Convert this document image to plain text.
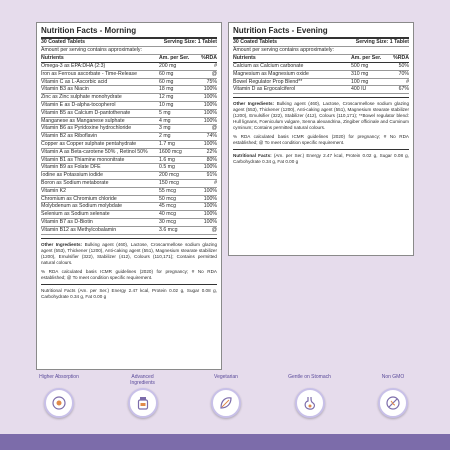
Nutrition Facts - Morning
30 Coated Tablets	Serving Size: 1 Tablet
Amount per serving contains approximately:
Nutrients	Am. per Ser.	%RDA
Omega-3 as EPA:DHA (2:3)	200 mg	#
Iron as Ferrous ascorbate - Time-Release	60 mg	@
Vitamin C as L-Ascorbic acid	60 mg	75%
Vitamin B3 as Niacin	18 mg	100%
Zinc as Zinc sulphate monohydrate	12 mg	100%
Vitamin E as D-alpha-tocopherol	10 mg	100%
Vitamin B5 as Calcium D-pantothenate	5 mg	100%
Manganese as Manganese sulphate	4 mg	100%
Vitamin B6 as Pyridoxine hydrochloride	3 mg	@
Vitamin B2 as Riboflavin	2 mg	74%
Copper as Copper sulphate pentahydrate	1.7 mg	100%
Vitamin A as Beta-carotene 50% , Retinol 50%	1600 mcg	22%
Vitamin B1 as Thiamine mononitrate	1.6 mg	80%
Vitamin B9 as Folate DFE	0.5 mg	100%
Iodine as Potassium iodide	200 mcg	91%
Boron as Sodium metaborate	150 mcg	#
Vitamin K2	55 mcg	100%
Chromium as Chromium chloride	50 mcg	100%
Molybdenum as Sodium molybdate	45 mcg	100%
Selenium as Sodium selenate	40 mcg	100%
Vitamin B7 as D-Biotin	30 mcg	100%
Vitamin B12 as Methylcobalamin	3.6 mcg	@
Other Ingredients: Bulking agent (460), Lactose, Croscarmellose sodium glazing agent (553), Thickener (1200), Anti-caking agent (551), Magnesium stearate stabilizer (1200), Emulsifier (322), Stabilizer (412), Colours (110,171); Contains permitted natural colours.
% RDA calculated basis ICMR guidelines (2020) for pregnancy; # No RDA established; @ To meet condition specific requirement.
Nutritional Facts (Am. per Ser.) Energy 2.47 kcal, Protein 0.02 g, Sugar 0.08 g, Carbohydrate 0.34 g, Fat 0.00 g
Nutrition Facts - Evening
30 Coated Tablets	Serving Size: 1 Tablet
Amount per serving contains approximately:
Nutrients	Am. per Ser.	%RDA
Calcium as Calcium carbonate	500 mg	50%
Magnesium as Magnesium oxide	310 mg	70%
Bowel Regulator Prop Blend**	100 mg	#
Vitamin D as Ergocalciferol	400 IU	67%
Other Ingredients: Bulking agent (460), Lactose, Croscarmellose sodium glazing agent (553), Thickener (1200), Anti-caking agent (551), Magnesium stearate stabilizer (1200), Emulsifier (322), Stabilizer (412), Colours (110,171); **Bowel regulator blend: Hull lignans, Foeniculum vulgare, Senna alexandrina, Zingiber officinale and Cuminum cyminum; Contains permitted natural colours.
% RDA calculated basis ICMR guidelines (2020) for pregnancy; # No RDA established; @ To meet condition specific requirement.
Nutritional Facts: (Am. per Ser.) Energy 2.47 kcal, Protein 0.02 g, Sugar 0.08 g, Carbohydrate 0.34 g, Fat 0.00 g
Higher Absorption	Advanced Ingredients
Vegetarian	Gentle on Stomach	Non GMO
